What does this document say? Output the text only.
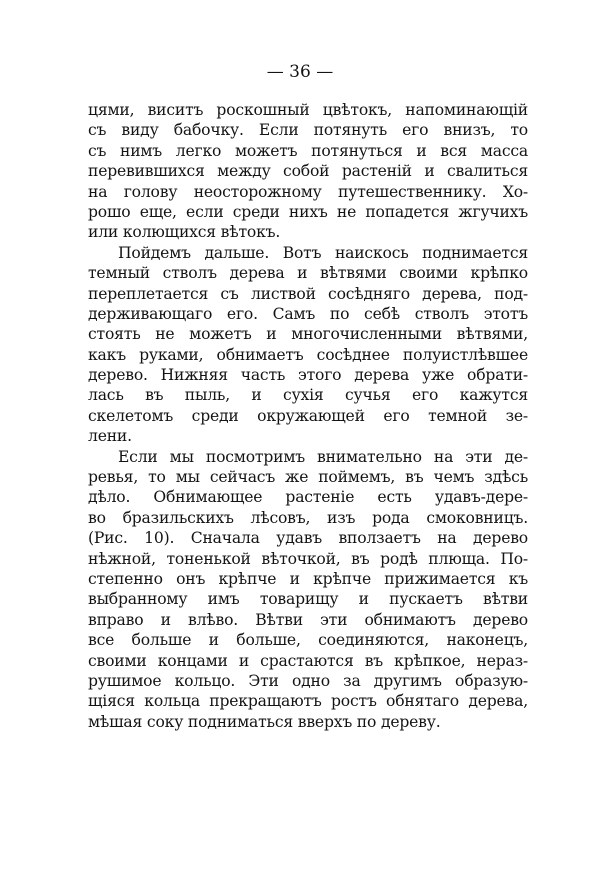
— 36 —
цями, виситъ роскошный цвѣтокъ, напоминающій
съ виду бабочку. Если потянуть его внизъ, то
съ нимъ легко можетъ потянуться и вся масса
перевившихся между собой растеній и свалиться
на голову неосторожному путешественнику. Хо-
рошо еще, если среди нихъ не попадется жгучихъ
или колющихся вѣтокъ.
Пойдемъ дальше. Вотъ наискось поднимается
темный стволъ дерева и вѣтвями своими крѣпко
переплетается съ листвой сосѣдняго дерева, под-
держивающаго его. Самъ по себѣ стволъ этотъ
стоять не можетъ и многочисленными вѣтвями,
какъ руками, обнимаетъ сосѣднее полуистлѣвшее
дерево. Нижняя часть этого дерева уже обрати-
лась въ пыль, и сухія сучья его кажутся
скелетомъ среди окружающей его темной зе-
лени.
Если мы посмотримъ внимательно на эти де-
ревья, то мы сейчасъ же поймемъ, въ чемъ здѣсь
дѣло. Обнимающее растеніе есть удавъ-дере-
во бразильскихъ лѣсовъ, изъ рода смоковницъ.
(Рис. 10). Сначала удавъ вползаетъ на дерево
нѣжной, тоненькой вѣточкой, въ родѣ плюща. По-
степенно онъ крѣпче и крѣпче прижимается къ
выбранному имъ товарищу и пускаетъ вѣтви
вправо и влѣво. Вѣтви эти обнимаютъ дерево
все больше и больше, соединяются, наконецъ,
своими концами и срастаются въ крѣпкое, нераз-
рушимое кольцо. Эти одно за другимъ образую-
щіяся кольца прекращаютъ ростъ обнятаго дерева,
мѣшая соку подниматься вверхъ по дереву.
